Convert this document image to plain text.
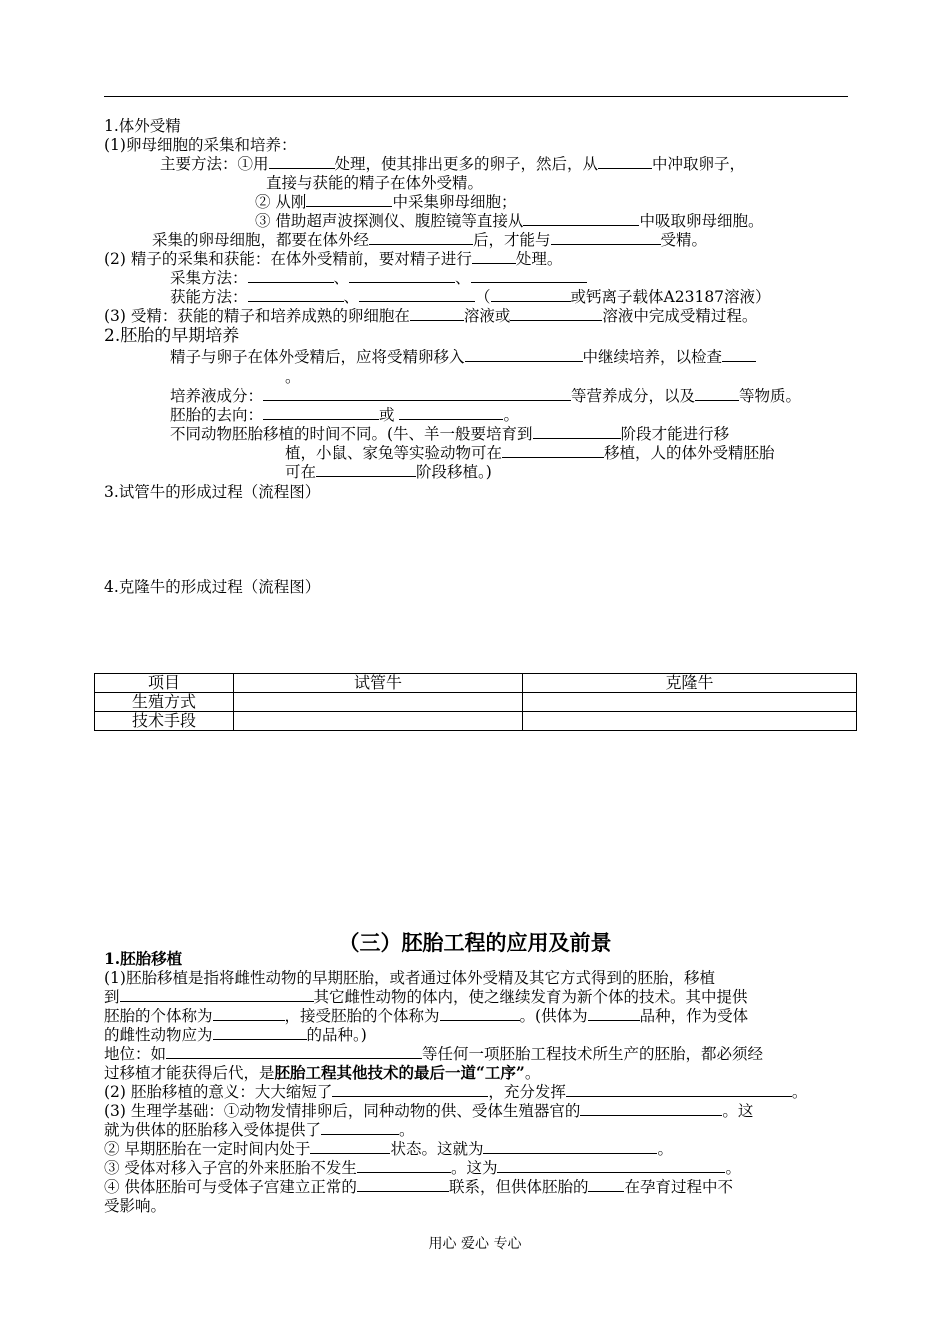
1.体外受精
(1)卵母细胞的采集和培养：
主要方法：①用	处理，使其排出更多的卵子，然后，从	中冲取卵子，
直接与获能的精子在体外受精。
② 从刚	中采集卵母细胞；
③ 借助超声波探测仪、腹腔镜等直接从	中吸取卵母细胞。
采集的卵母细胞，都要在体外经	后，才能与	受精。
(2) 精子的采集和获能：在体外受精前，要对精子进行	处理。
采集方法：	、	、
获能方法：	、	（	或钙离子载体A23187溶液）
(3) 受精：获能的精子和培养成熟的卵细胞在	溶液或	溶液中完成受精过程。
2.胚胎的早期培养
精子与卵子在体外受精后，应将受精卵移入	中继续培养，以检查
。
培养液成分：	等营养成分，以及	等物质。
胚胎的去向：	或	。
不同动物胚胎移植的时间不同。(牛、羊一般要培育到	阶段才能进行移
植，小鼠、家兔等实验动物可在	移植，人的体外受精胚胎
可在	阶段移植。)
3.试管牛的形成过程（流程图）
4.克隆牛的形成过程（流程图）
项目	试管牛	克隆牛
生殖方式		
技术手段		
（三）胚胎工程的应用及前景
1.胚胎移植
(1)胚胎移植是指将雌性动物的早期胚胎，或者通过体外受精及其它方式得到的胚胎，移植
到	其它雌性动物的体内，使之继续发育为新个体的技术。其中提供
胚胎的个体称为	，接受胚胎的个体称为	。(供体为	品种，作为受体
的雌性动物应为	的品种。)
地位：如	等任何一项胚胎工程技术所生产的胚胎，都必须经
过移植才能获得后代，是胚胎工程其他技术的最后一道“工序”。
(2) 胚胎移植的意义：大大缩短了	，充分发挥	。
(3) 生理学基础：①动物发情排卵后，同种动物的供、受体生殖器官的	。这
就为供体的胚胎移入受体提供了	。
② 早期胚胎在一定时间内处于	状态。这就为	。
③ 受体对移入子宫的外来胚胎不发生	。这为	。
④ 供体胚胎可与受体子宫建立正常的	联系，但供体胚胎的 在孕育过程中不
受影响。
用心 爱心 专心
